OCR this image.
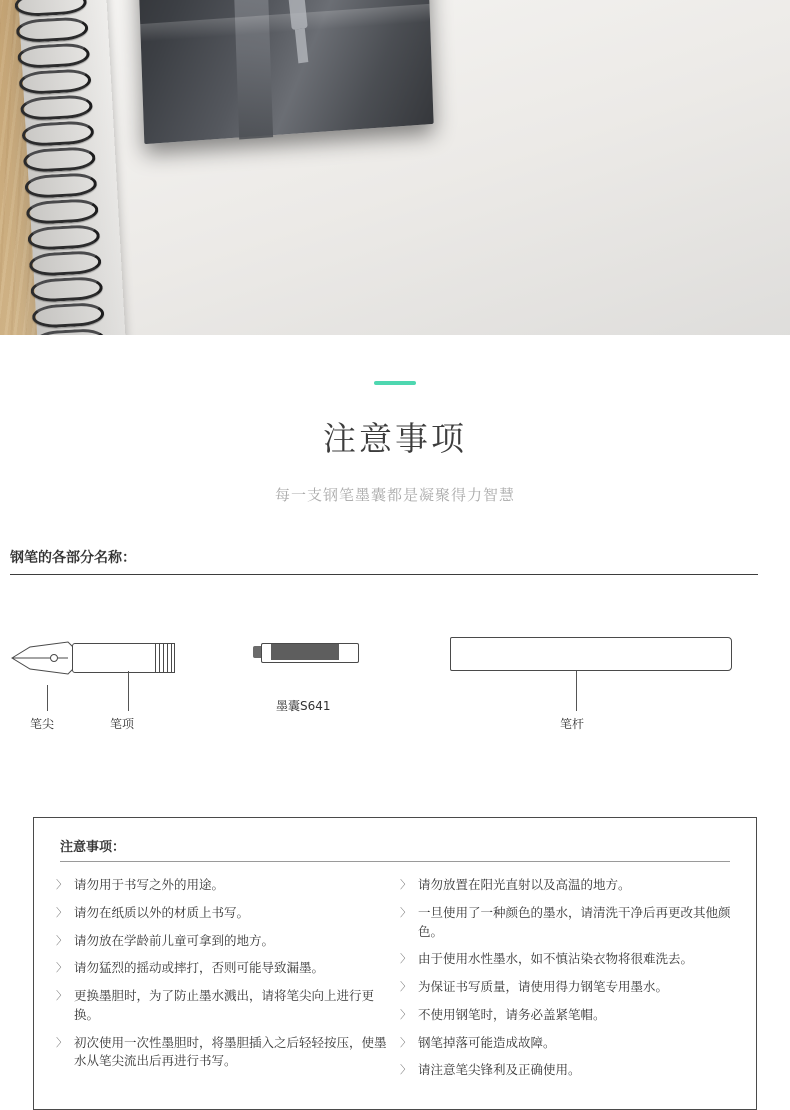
注意事项

每一支钢笔墨囊都是凝聚得力智慧

钢笔的各部分名称：
笔尖	笔项
墨囊S641
笔杆
注意事项：
〉 请勿用于书写之外的用途。
〉 请勿在纸质以外的材质上书写。
〉 请勿放在学龄前儿童可拿到的地方。
〉 请勿猛烈的摇动或摔打，否则可能导致漏墨。
〉 更换墨胆时，为了防止墨水溅出，请将笔尖向上进行更换。
〉 初次使用一次性墨胆时，将墨胆插入之后轻轻按压，使墨水从笔尖流出后再进行书写。
〉 请勿放置在阳光直射以及高温的地方。
〉 一旦使用了一种颜色的墨水，请清洗干净后再更改其他颜色。
〉 由于使用水性墨水，如不慎沾染衣物将很难洗去。
〉 为保证书写质量，请使用得力钢笔专用墨水。
〉 不使用钢笔时，请务必盖紧笔帽。
〉 钢笔掉落可能造成故障。
〉 请注意笔尖锋利及正确使用。
